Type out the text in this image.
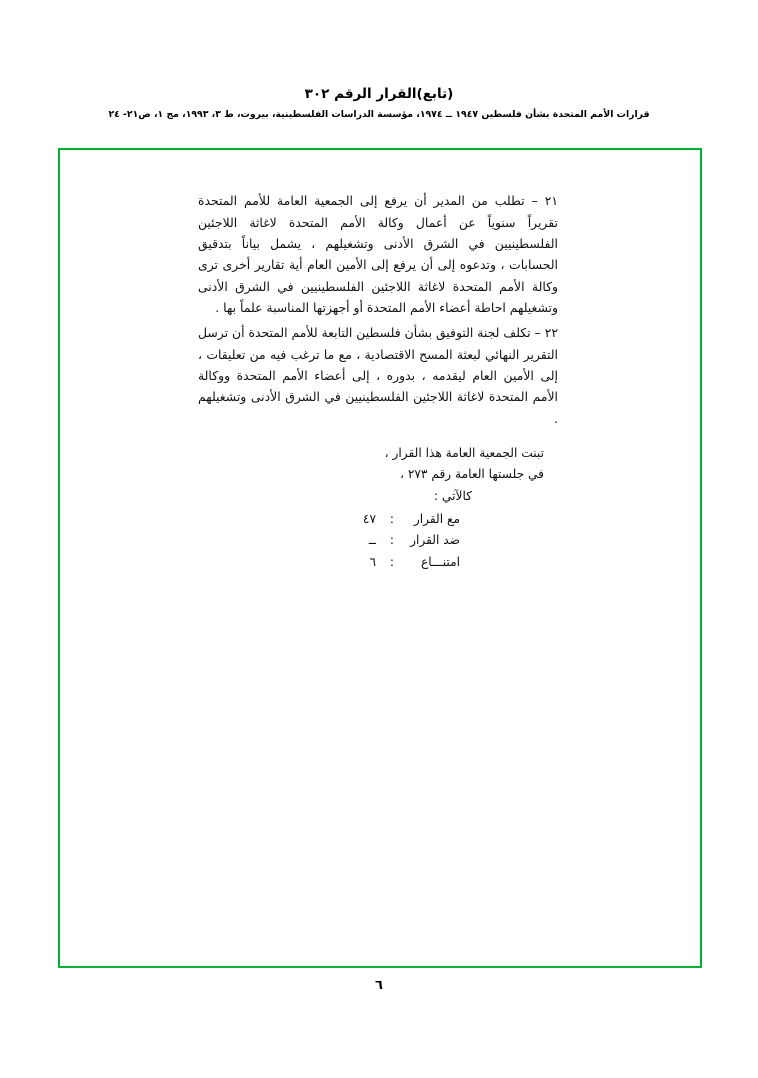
(تابع)القرار الرقم ٣٠٢
قرارات الأمم المتحدة بشأن فلسطين ١٩٤٧ ــ ١٩٧٤، مؤسسة الدراسات الفلسطينية، بيروت، ط ٣، ١٩٩٣، مج ١، ص٢١- ٢٤

٢١ – تطلب من المدير أن يرفع إلى الجمعية العامة للأمم المتحدة تقريراً سنوياً عن أعمال وكالة الأمم المتحدة لاغاثة اللاجئين الفلسطينيين في الشرق الأدنى وتشغيلهم ، يشمل بياناً بتدقيق الحسابات ، وتدعوه إلى أن يرفع إلى الأمين العام أية تقارير أخرى ترى وكالة الأمم المتحدة لاغاثة اللاجئين الفلسطينيين في الشرق الأدنى وتشغيلهم احاطة أعضاء الأمم المتحدة أو أجهزتها المناسبة علماً بها .

٢٢ – تكلف لجنة التوفيق بشأن فلسطين التابعة للأمم المتحدة أن ترسل التقرير النهائي لبعثة المسح الاقتصادية ، مع ما ترغب فيه من تعليقات ، إلى الأمين العام ليقدمه ، بدوره ، إلى أعضاء الأمم المتحدة ووكالة الأمم المتحدة لاغاثة اللاجئين الفلسطينيين في الشرق الأدنى وتشغيلهم .

تبنت الجمعية العامة هذا القرار ،
في جلستها العامة رقم ٢٧٣ ،
كالآتي :
مع القرار
:
٤٧
ضد القرار
:
ــ
امتنـــاع
:
٦
٦
